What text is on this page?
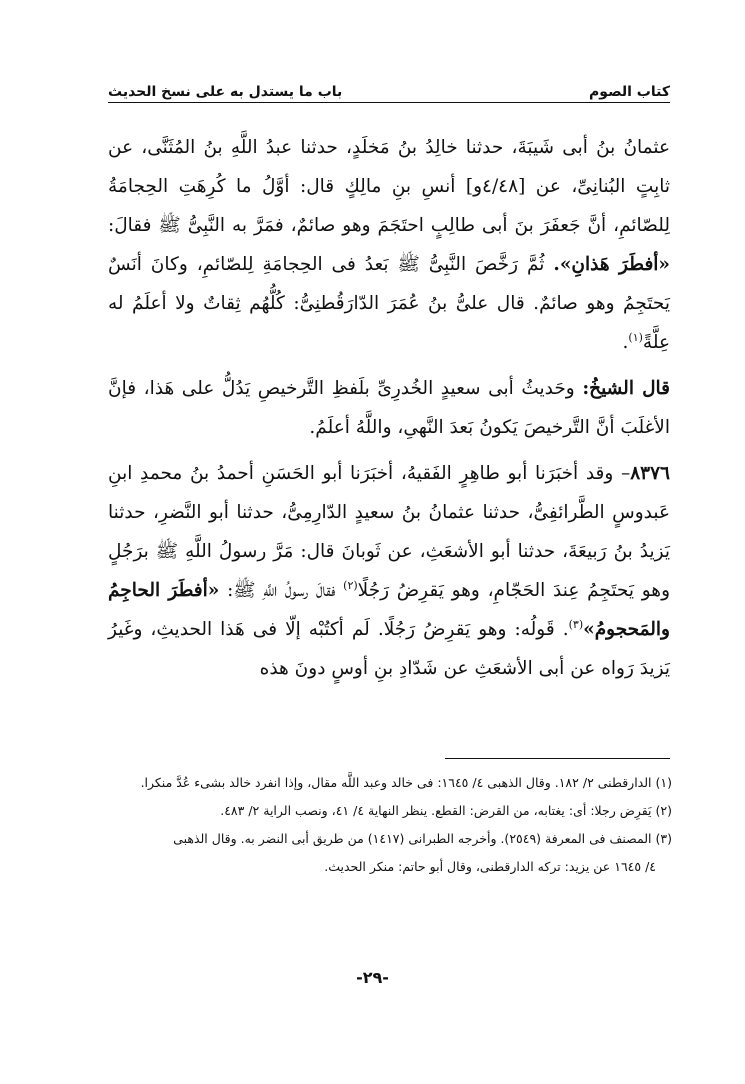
كتاب الصوم
باب ما يستدل به على نسخ الحديث

عثمانُ بنُ أبى شَيبَةَ، حدثنا خالِدُ بنُ مَخلَدٍ، حدثنا عبدُ اللَّهِ بنُ المُثَنَّى، عن ثابِتٍ البُنانِىِّ، عن [٤/٤٨و] أنسِ بنِ مالِكٍ قال: أوَّلُ ما كُرِهَتِ الحِجامَةُ لِلصّائمِ، أنَّ جَعفَرَ بنَ أبى طالِبٍ احتَجَمَ وهو صائمٌ، فمَرَّ به النَّبِىُّ ﷺ فقالَ: «أفطَرَ هَذانِ». ثُمَّ رَخَّصَ النَّبِىُّ ﷺ بَعدُ فى الحِجامَةِ لِلصّائمِ، وكانَ أنَسٌ يَحتَجِمُ وهو صائمٌ. قال علىُّ بنُ عُمَرَ الدّارَقُطنِىُّ: كُلُّهُم ثِقاتٌ ولا أعلَمُ له عِلَّةً$^{(١)}$.

قال الشيخُ: وحَديثُ أبى سعيدٍ الخُدرِىِّ بلَفظِ التَّرخيصِ يَدُلُّ على هَذا، فإنَّ الأغلَبَ أنَّ التَّرخيصَ يَكونُ بَعدَ النَّهىِ، واللَّهُ أعلَمُ.

٨٣٧٦– وقد أخبَرَنا أبو طاهِرٍ الفَقيهُ، أخبَرَنا أبو الحَسَنِ أحمدُ بنُ محمدِ ابنِ عَبدوسٍ الطَّرائفِىُّ، حدثنا عثمانُ بنُ سعيدٍ الدّارِمِىُّ، حدثنا أبو النَّضرِ، حدثنا يَزيدُ بنُ رَبيعَةَ، حدثنا أبو الأشعَثِ، عن ثَوبانَ قال: مَرَّ رسولُ اللَّهِ ﷺ برَجُلٍ وهو يَحتَجِمُ عِندَ الحَجّامِ، وهو يَقرِضُ رَجُلًا$^{(٢)}$ فقالَ رسولُ اللَّهِ ﷺ: «أفطَرَ الحاجِمُ والمَحجومُ»$^{(٣)}$. قَولُه: وهو يَقرِضُ رَجُلًا. لَم أكتُبْه إلّا فى هَذا الحديثِ، وغَيرُ يَزيدَ رَواه عن أبى الأشعَثِ عن شَدّادِ بنِ أوسٍ دونَ هذه

(١) الدارقطنى ٢/ ١٨٢. وقال الذهبى ٤/ ١٦٤٥: فى خالد وعبد اللَّه مقال، وإذا انفرد خالد بشىء عُدَّ منكرا.

(٢) يَقرِض رجلا: أى: يغتابه، من القرض: القطع. ينظر النهاية ٤/ ٤١، ونصب الراية ٢/ ٤٨٣.

(٣) المصنف فى المعرفة (٢٥٤٩). وأخرجه الطبرانى (١٤١٧) من طريق أبى النضر به. وقال الذهبى

٤/ ١٦٤٥ عن يزيد: تركه الدارقطنى، وقال أبو حاتم: منكر الحديث.

-٢٩-
